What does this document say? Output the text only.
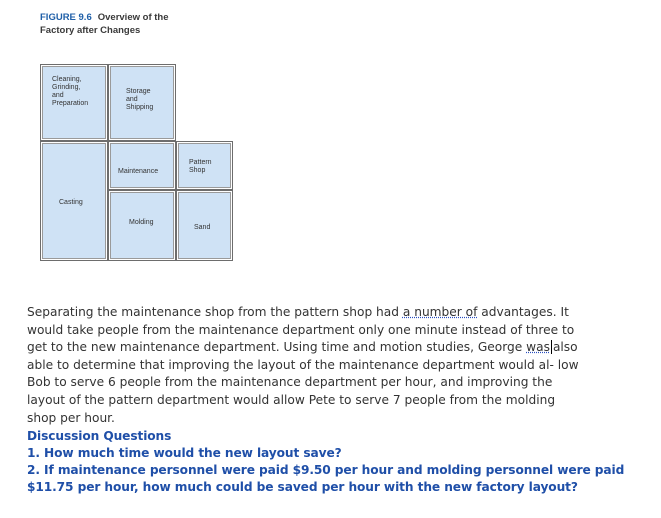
FIGURE 9.6 Overview of the
Factory after Changes
Cleaning,
Grinding,
and
Preparation
Storage
and
Shipping
Casting
Maintenance
Pattern
Shop
Molding
Sand
Separating the maintenance shop from the pattern shop had a number of advantages. It would take people from the maintenance department only one minute instead of three to get to the new maintenance department. Using time and motion studies, George was also able to determine that improving the layout of the maintenance department would al- low Bob to serve 6 people from the maintenance department per hour, and improving the layout of the pattern department would allow Pete to serve 7 people from the molding shop per hour.
Discussion Questions
1. How much time would the new layout save?
2. If maintenance personnel were paid $9.50 per hour and molding personnel were paid $11.75 per hour, how much could be saved per hour with the new factory layout?
